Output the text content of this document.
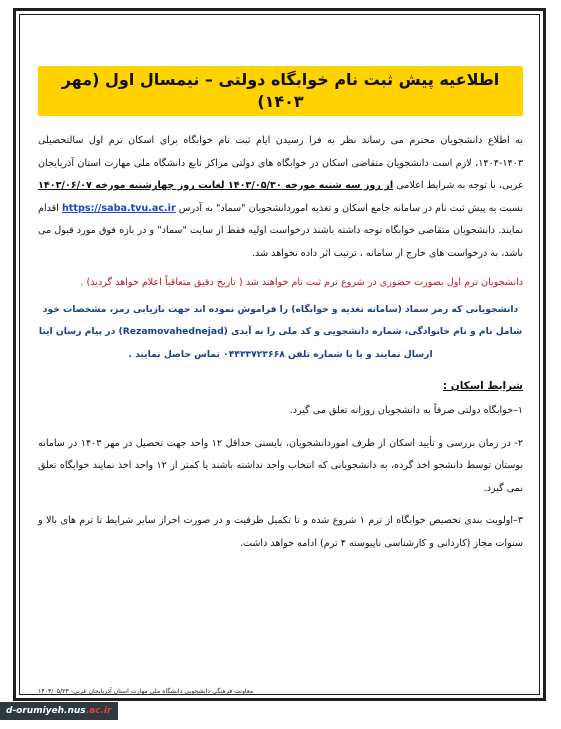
اطلاعیه پیش ثبت نام خوابگاه دولتی – نیمسال اول (مهر ۱۴۰۳)

به اطلاع دانشجویان محترم می رساند نظر به فرا رسیدن ایام ثبت نام خوابگاه برای اسکان ترم اول سالتحصیلی ۱۴۰۳-۱۴۰۴، لازم است دانشجویان متقاضی اسکان در خوابگاه های دولتی مراکز تابع دانشگاه ملی مهارت استان آذربایجان غربی، با توجه به شرایط اعلامی از روز سه شنبه مورخه ۱۴۰۳/۰۵/۳۰ لغایت روز چهارشنبه مورخه ۱۴۰۳/۰۶/۰۷ نسبت به پیش ثبت نام در سامانه جامع اسکان و تغذیه اموردانشجویان "سماد" به آدرس https://saba.tvu.ac.ir اقدام نمایند. دانشجویان متقاضی خوابگاه توجه داشته باشند درخواست اولیه فقط از سایت "سماد" و در بازه فوق مورد قبول می باشد، به درخواست های خارج از سامانه ، ترتیب اثر داده نخواهد شد.

دانشجویان ترم اول بصورت حضوری در شروع ترم ثبت نام خواهند شد ( تاریخ دقیق متعاقباً اعلام خواهد گردید) .

دانشجویانی که رمز سماد (سامانه تغذیه و خوابگاه) را فراموش نموده اند جهت بازیابی رمز، مشخصات خود شامل نام و نام خانوادگی، شماره دانشجویی و کد ملی را به آیدی (Rezamovahednejad) در پیام رسان ایتا ارسال نمایند و یا با شماره تلفن ۰۴۴۳۳۷۲۳۶۶۸ تماس حاصل نمایند .

شرایط اسکان :

۱–خوابگاه دولتی صرفاً به دانشجویان روزانه تعلق می گیرد.

۲- در زمان بررسی و تأیید اسکان از طرف اموردانشجویان، بایستی حداقل ۱۲ واحد جهت تحصیل در مهر ۱۴۰۳ در سامانه بوستان توسط دانشجو اخذ گرده، به دانشجویانی که انتخاب واحد نداشته باشند یا کمتر از ۱۲ واحد اخذ نمایند خوابگاه تعلق نمی گیرد.

۳–اولویت بندی تخصیص خوابگاه از ترم ۱ شروع شده و تا تکمیل ظرفیت و در صورت احراز سایر شرایط تا ترم های بالا و سنوات مجاز (کاردانی و کارشناسی ناپیوسته ۴ ترم) ادامه خواهد داشت.

معاونت فرهنگی دانشجویی دانشگاه ملی مهارت استان آذربایجان غربی- ۱۴۰۳/۰۵/۲۳
d-orumiyeh.nus.ac.ir
